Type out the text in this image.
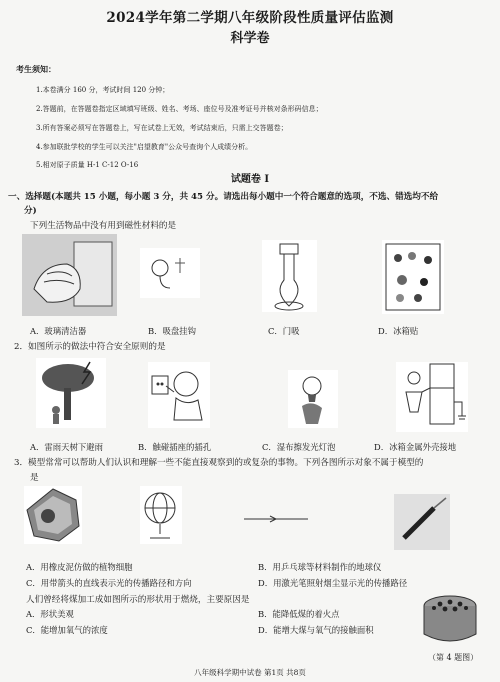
2024学年第二学期八年级阶段性质量评估监测
科学卷
考生须知：
1.本卷满分 160 分，考试时间 120 分钟；
2.答题前，在答题卷指定区域填写班级、姓名、考场、座位号及准考证号并核对条形码信息；
3.所有答案必须写在答题卷上，写在试卷上无效，考试结束后，只需上交答题卷；
4.参加联批学校的学生可以关注"启望教育"公众号查询个人成绩分析。
5.相对原子质量 H-1 C-12 O-16
试题卷 I
一、选择题(本题共 15 小题，每小题 3 分，共 45 分。请选出每小题中一个符合题意的选项，不选、错选均不给
分)
下列生活物品中没有用到磁性材料的是
A．玻璃清洁器	B．吸盘挂钩	C．门吸	D．冰箱贴
2．如图所示的做法中符合安全原则的是
A．雷雨天树下避雨	B．触碰插座的插孔	C．湿布擦发光灯泡	D．冰箱金属外壳接地
3．模型常常可以帮助人们认识和理解一些不能直接观察到的或复杂的事物。下列各图所示对象不属于模型的
是
A．用橡皮泥仿做的植物细胞	B．用乒乓球等材料制作的地球仪
C．用带箭头的直线表示光的传播路径和方向	D．用激光笔照射烟尘显示光的传播路径
人们曾经将煤加工成如图所示的形状用于燃烧，主要原因是
A．形状美观	B．能降低煤的着火点
C．能增加氧气的浓度	D．能增大煤与氧气的接触面积
（第 4 题图）
八年级科学期中试卷 第1页 共8页
